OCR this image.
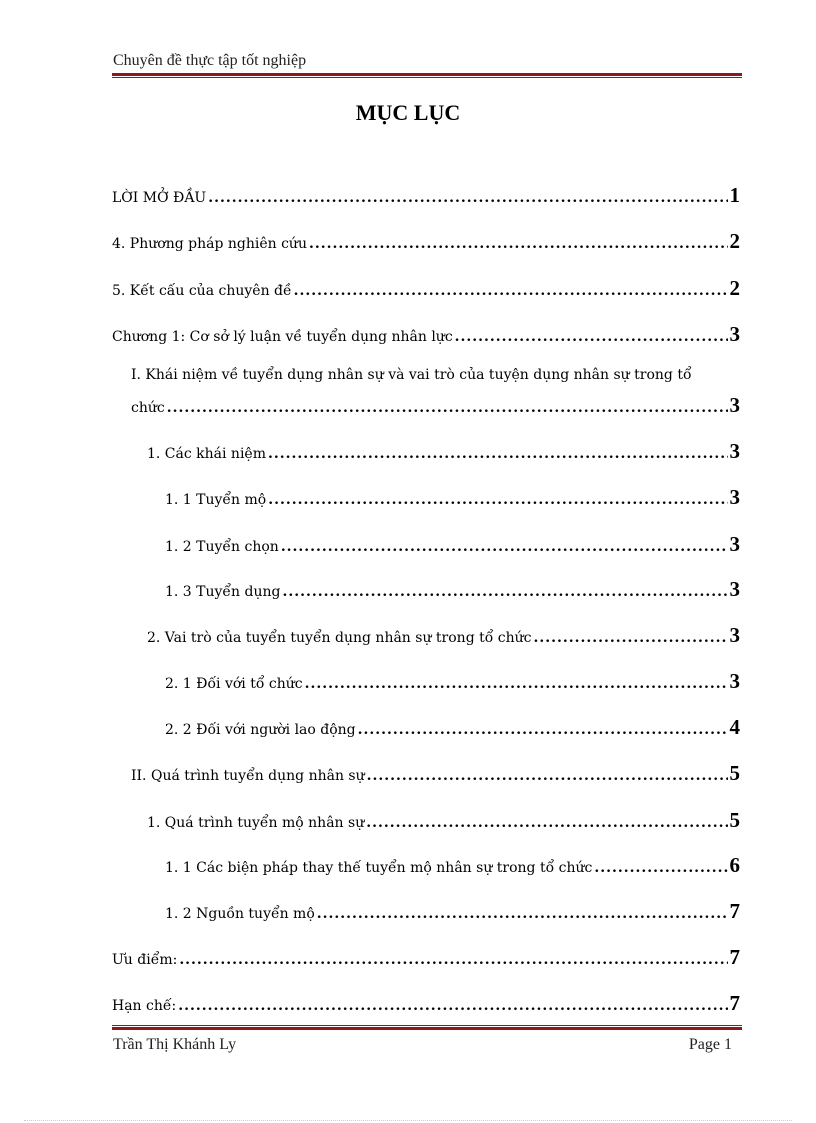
Chuyên đề thực tập tốt nghiệp
MỤC LỤC
LỜI MỞ ĐẦU .....	1
4. Phương pháp nghiên cứu .....	2
5. Kết cấu của chuyên đề .....	2
Chương 1: Cơ sở lý luận về tuyển dụng nhân lực .....	3
I. Khái niệm về tuyển dụng nhân sự và vai trò của tuyện dụng nhân sự trong tổ
chức .....	3
1. Các khái niệm .....	3
1. 1 Tuyển mộ .....	3
1. 2 Tuyển chọn .....	3
1. 3 Tuyển dụng .....	3
2. Vai trò của tuyển tuyển dụng nhân sự trong tổ chức .....	3
2. 1 Đối với tổ chức .....	3
2. 2 Đối với người lao động .....	4
II. Quá trình tuyển dụng nhân sự .....	5
1. Quá trình tuyển mộ nhân sự .....	5
1. 1 Các biện pháp thay thế tuyển mộ nhân sự trong tổ chức .....	6
1. 2 Nguồn tuyển mộ .....	7
Ưu điểm: .....	7
Hạn chế: .....	7
Trần Thị Khánh Ly	Page 1
